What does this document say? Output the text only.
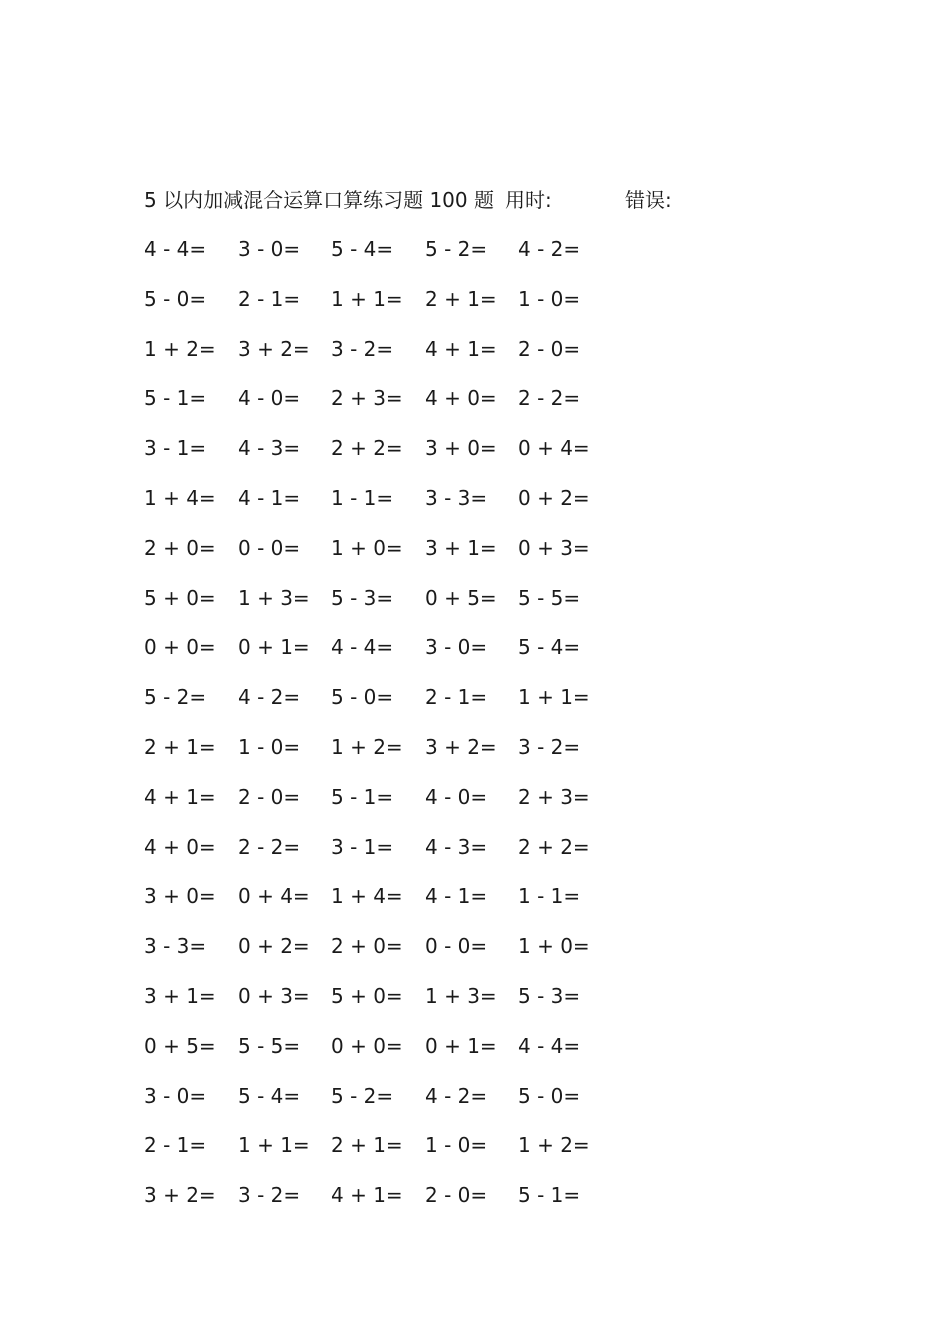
5 以内加减混合运算口算练习题 100 题 用时:	错误:
4 - 4=	3 - 0=	5 - 4=	5 - 2=	4 - 2=
5 - 0=	2 - 1=	1 + 1=	2 + 1=	1 - 0=
1 + 2=	3 + 2=	3 - 2=	4 + 1=	2 - 0=
5 - 1=	4 - 0=	2 + 3=	4 + 0=	2 - 2=
3 - 1=	4 - 3=	2 + 2=	3 + 0=	0 + 4=
1 + 4=	4 - 1=	1 - 1=	3 - 3=	0 + 2=
2 + 0=	0 - 0=	1 + 0=	3 + 1=	0 + 3=
5 + 0=	1 + 3=	5 - 3=	0 + 5=	5 - 5=
0 + 0=	0 + 1=	4 - 4=	3 - 0=	5 - 4=
5 - 2=	4 - 2=	5 - 0=	2 - 1=	1 + 1=
2 + 1=	1 - 0=	1 + 2=	3 + 2=	3 - 2=
4 + 1=	2 - 0=	5 - 1=	4 - 0=	2 + 3=
4 + 0=	2 - 2=	3 - 1=	4 - 3=	2 + 2=
3 + 0=	0 + 4=	1 + 4=	4 - 1=	1 - 1=
3 - 3=	0 + 2=	2 + 0=	0 - 0=	1 + 0=
3 + 1=	0 + 3=	5 + 0=	1 + 3=	5 - 3=
0 + 5=	5 - 5=	0 + 0=	0 + 1=	4 - 4=
3 - 0=	5 - 4=	5 - 2=	4 - 2=	5 - 0=
2 - 1=	1 + 1=	2 + 1=	1 - 0=	1 + 2=
3 + 2=	3 - 2=	4 + 1=	2 - 0=	5 - 1=
